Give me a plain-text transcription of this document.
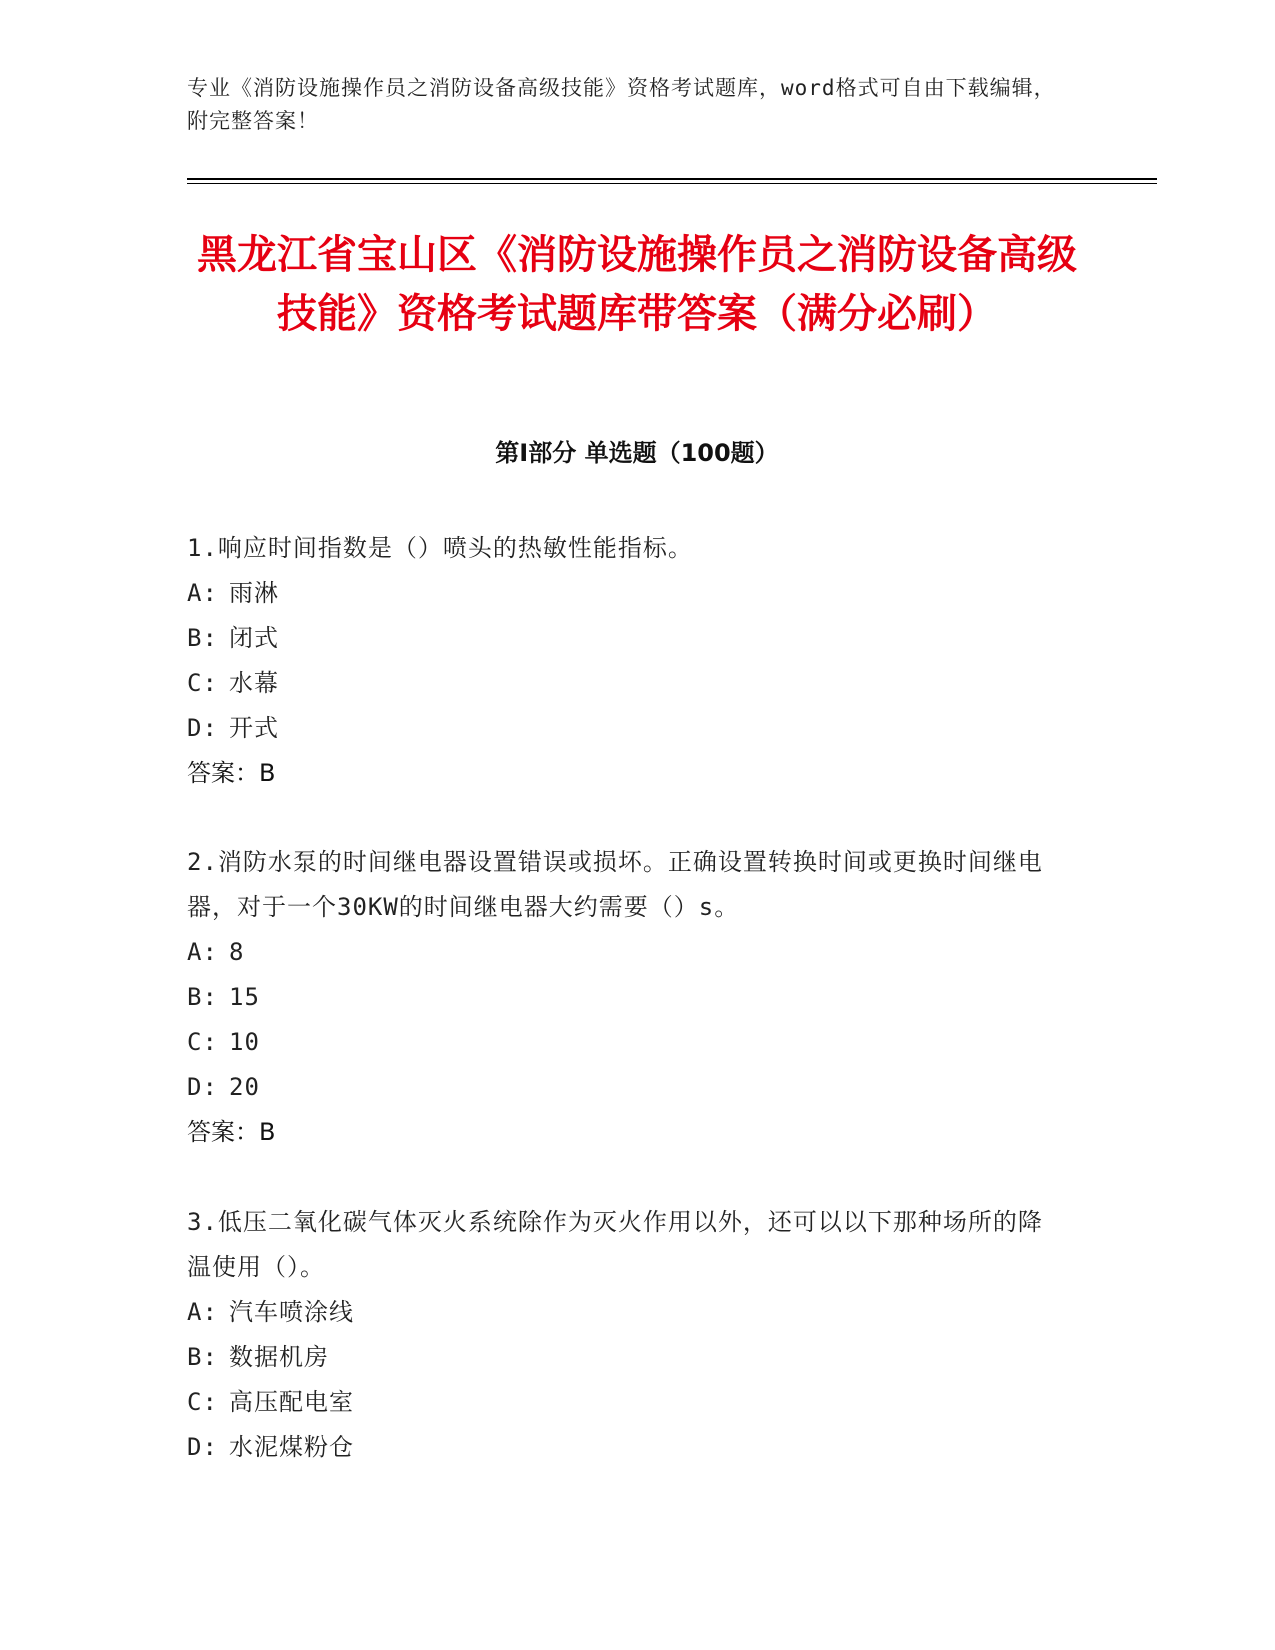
专业《消防设施操作员之消防设备高级技能》资格考试题库，word格式可自由下载编辑，附完整答案！
黑龙江省宝山区《消防设施操作员之消防设备高级技能》资格考试题库带答案（满分必刷）
第I部分 单选题（100题）
1.响应时间指数是（）喷头的热敏性能指标。
A: 雨淋
B: 闭式
C: 水幕
D: 开式
答案：B
2.消防水泵的时间继电器设置错误或损坏。正确设置转换时间或更换时间继电器，对于一个30KW的时间继电器大约需要（）s。
A: 8
B: 15
C: 10
D: 20
答案：B
3.低压二氧化碳气体灭火系统除作为灭火作用以外，还可以以下那种场所的降温使用（）。
A: 汽车喷涂线
B: 数据机房
C: 高压配电室
D: 水泥煤粉仓
